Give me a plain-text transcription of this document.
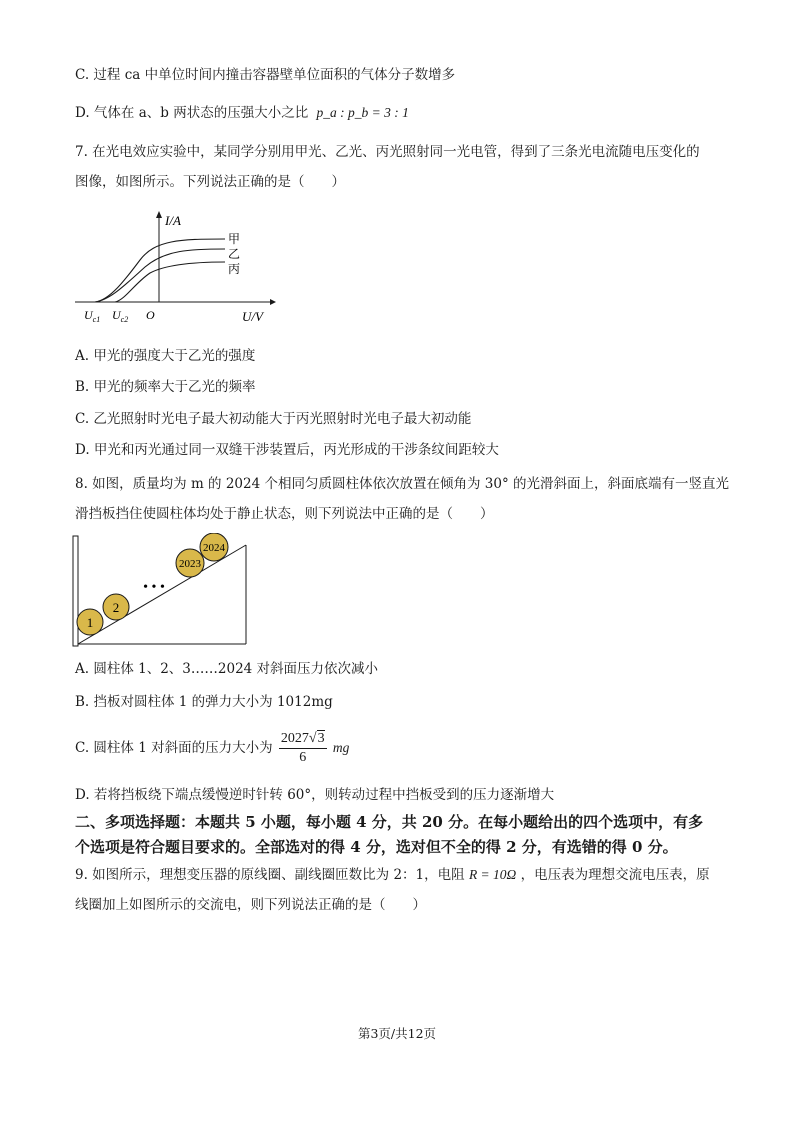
C. 过程 ca 中单位时间内撞击容器壁单位面积的气体分子数增多
D. 气体在 a、b 两状态的压强大小之比 p_a : p_b = 3 : 1
7. 在光电效应实验中，某同学分别用甲光、乙光、丙光照射同一光电管，得到了三条光电流随电压变化的
图像，如图所示。下列说法正确的是（　　）
I/A
甲
乙
丙
$U_{c1}$ $U_{c2}$ O	U/V
A. 甲光的强度大于乙光的强度
B. 甲光的频率大于乙光的频率
C. 乙光照射时光电子最大初动能大于丙光照射时光电子最大初动能
D. 甲光和丙光通过同一双缝干涉装置后，丙光形成的干涉条纹间距较大
8. 如图，质量均为 m 的 2024 个相同匀质圆柱体依次放置在倾角为 30° 的光滑斜面上，斜面底端有一竖直光
滑挡板挡住使圆柱体均处于静止状态，则下列说法中正确的是（　　）
1
2
• • •
2023
2024
A. 圆柱体 1、2、3……2024 对斜面压力依次减小
B. 挡板对圆柱体 1 的弹力大小为 1012mg
C. 圆柱体 1 对斜面的压力大小为 $\frac{2027√3}{6}$ mg
D. 若将挡板绕下端点缓慢逆时针转 60°，则转动过程中挡板受到的压力逐渐增大
二、多项选择题：本题共 5 小题，每小题 4 分，共 20 分。在每小题给出的四个选项中，有多
个选项是符合题目要求的。全部选对的得 4 分，选对但不全的得 2 分，有选错的得 0 分。
9. 如图所示，理想变压器的原线圈、副线圈匝数比为 2：1，电阻 R = 10Ω ，电压表为理想交流电压表，原
线圈加上如图所示的交流电，则下列说法正确的是（　　）
第3页/共12页
